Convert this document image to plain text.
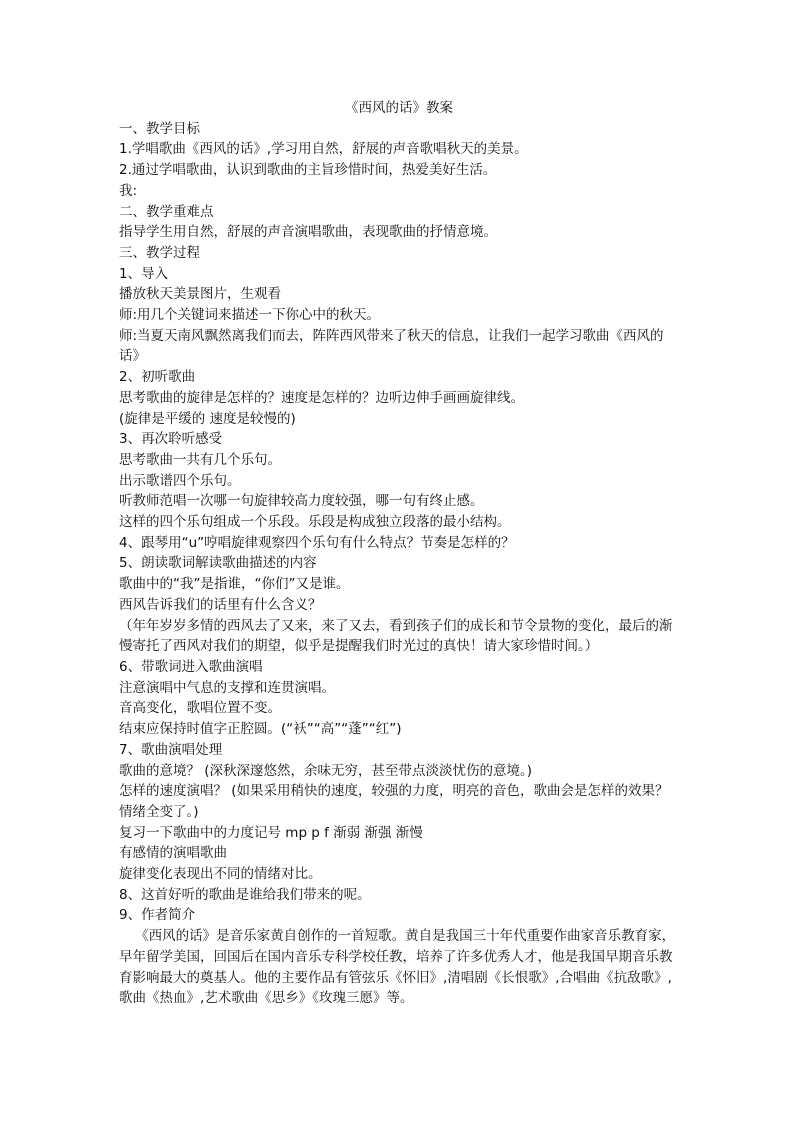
《西风的话》教案

一、教学目标

1.学唱歌曲《西风的话》,学习用自然，舒展的声音歌唱秋天的美景。

2.通过学唱歌曲，认识到歌曲的主旨珍惜时间，热爱美好生活。

我:

二、教学重难点

指导学生用自然，舒展的声音演唱歌曲，表现歌曲的抒情意境。

三、教学过程

1、导入

播放秋天美景图片，生观看

师:用几个关键词来描述一下你心中的秋天。

师:当夏天南风飘然离我们而去，阵阵西风带来了秋天的信息，让我们一起学习歌曲《西风的话》

2、初听歌曲

思考歌曲的旋律是怎样的？速度是怎样的？边听边伸手画画旋律线。

(旋律是平缓的 速度是较慢的)

3、再次聆听感受

思考歌曲一共有几个乐句。

出示歌谱四个乐句。

听教师范唱一次哪一句旋律较高力度较强，哪一句有终止感。

这样的四个乐句组成一个乐段。乐段是构成独立段落的最小结构。

4、跟琴用“u”哼唱旋律观察四个乐句有什么特点？节奏是怎样的？

5、朗读歌词解读歌曲描述的内容

歌曲中的“我”是指谁，“你们”又是谁。

西风告诉我们的话里有什么含义？

（年年岁岁多情的西风去了又来，来了又去，看到孩子们的成长和节令景物的变化，最后的渐慢寄托了西风对我们的期望，似乎是提醒我们时光过的真快！请大家珍惜时间。）

6、带歌词进入歌曲演唱

注意演唱中气息的支撑和连贯演唱。

音高变化，歌唱位置不变。

结束应保持时值字正腔圆。(“袄”“高”“蓬”“红”)

7、歌曲演唱处理

歌曲的意境？ (深秋深邃悠然，余味无穷，甚至带点淡淡忧伤的意境。)

怎样的速度演唱？ (如果采用稍快的速度，较强的力度，明亮的音色，歌曲会是怎样的效果？ 情绪全变了。)

复习一下歌曲中的力度记号 mp p f 渐弱 渐强 渐慢

有感情的演唱歌曲

旋律变化表现出不同的情绪对比。

8、这首好听的歌曲是谁给我们带来的呢。

9、作者简介

《西风的话》是音乐家黄自创作的一首短歌。黄自是我国三十年代重要作曲家音乐教育家，早年留学美国，回国后在国内音乐专科学校任教，培养了许多优秀人才，他是我国早期音乐教育影响最大的奠基人。他的主要作品有管弦乐《怀旧》,清唱剧《长恨歌》,合唱曲《抗敌歌》,歌曲《热血》,艺术歌曲《思乡》《玫瑰三愿》等。
